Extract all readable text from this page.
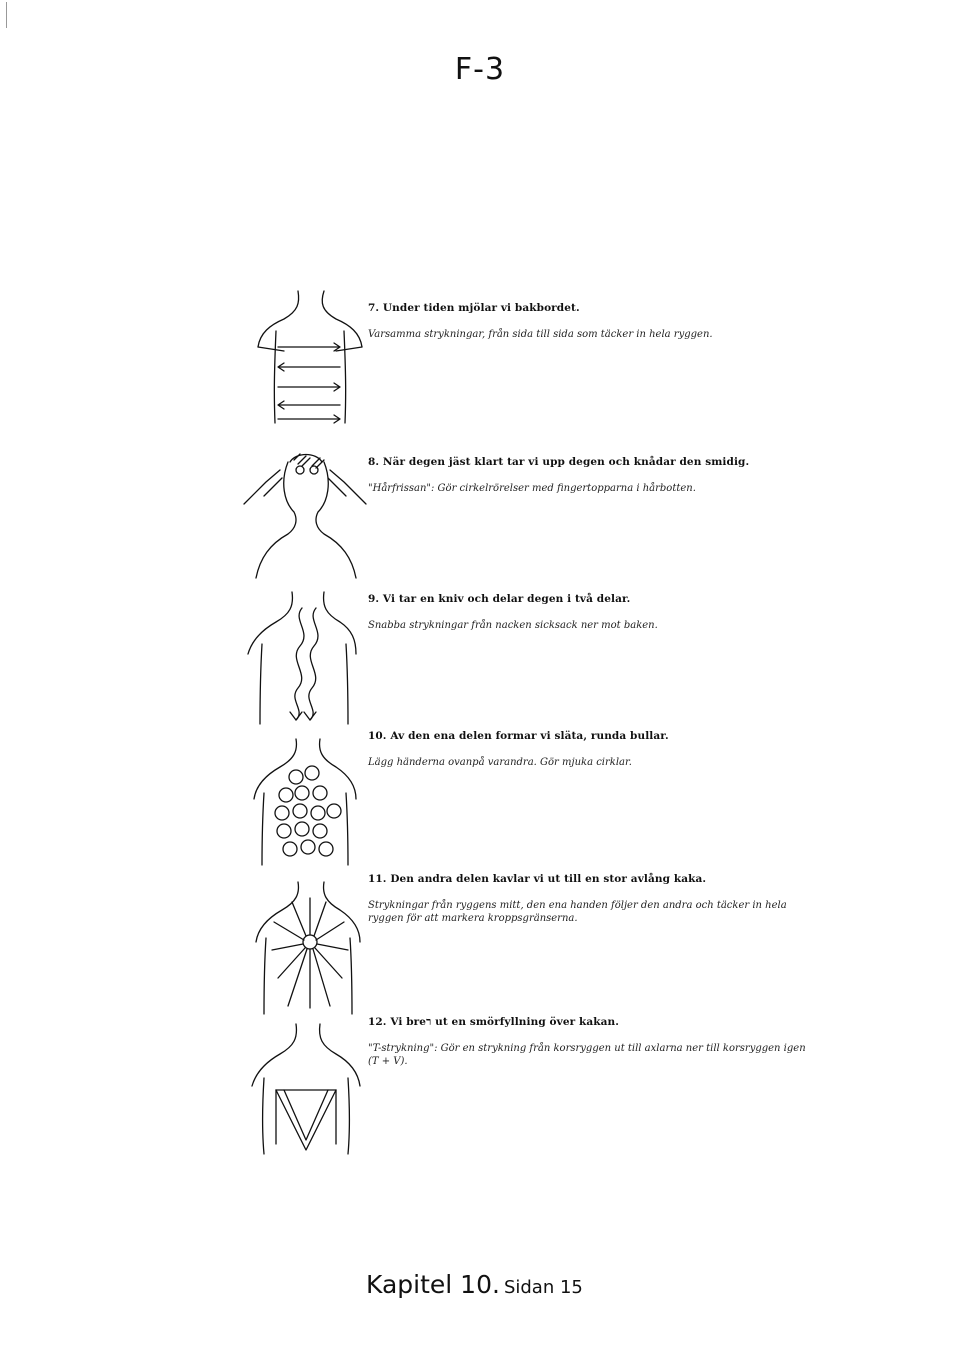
F-3
7. Under tiden mjölar vi bakbordet.
Varsamma strykningar, från sida till sida som täcker in hela ryggen.
8. När degen jäst klart tar vi upp degen och knådar den smidig.
"Hårfrissan": Gör cirkelrörelser med fingertopparna i hårbotten.
9. Vi tar en kniv och delar degen i två delar.
Snabba strykningar från nacken sicksack ner mot baken.
10. Av den ena delen formar vi släta, runda bullar.
Lägg händerna ovanpå varandra. Gör mjuka cirklar.
11. Den andra delen kavlar vi ut till en stor avlång kaka.
Strykningar från ryggens mitt, den ena handen följer den andra och täcker in hela ryggen för att markera kroppsgränserna.
12. Vi breר ut en smörfyllning över kakan.
"T-strykning": Gör en strykning från korsryggen ut till axlarna ner till korsryggen igen (T + V).
Kapitel 10. Sidan 15
